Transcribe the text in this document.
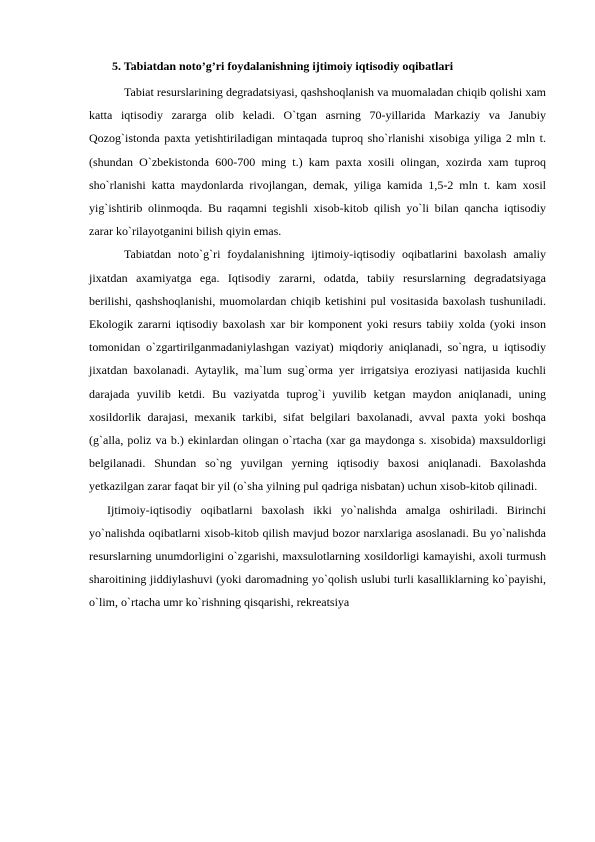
5. Tabiatdan noto’g’ri foydalanishning ijtimoiy iqtisodiy oqibatlari

Tabiat resurslarining degradatsiyasi, qashshoqlanish va muomaladan chiqib qolishi xam katta iqtisodiy zararga olib keladi. O`tgan asrning 70-yillarida Markaziy va Janubiy Qozog`istonda paxta yetishtiriladigan mintaqada tuproq sho`rlanishi xisobiga yiliga 2 mln t. (shundan O`zbekistonda 600-700 ming t.) kam paxta xosili olingan, xozirda xam tuproq sho`rlanishi katta maydonlarda rivojlangan, demak, yiliga kamida 1,5-2 mln t. kam xosil yig`ishtirib olinmoqda. Bu raqamni tegishli xisob-kitob qilish yo`li bilan qancha iqtisodiy zarar ko`rilayotganini bilish qiyin emas.

Tabiatdan noto`g`ri foydalanishning ijtimoiy-iqtisodiy oqibatlarini baxolash amaliy jixatdan axamiyatga ega. Iqtisodiy zararni, odatda, tabiiy resurslarning degradatsiyaga berilishi, qashshoqlanishi, muomolardan chiqib ketishini pul vositasida baxolash tushuniladi. Ekologik zararni iqtisodiy baxolash xar bir komponent yoki resurs tabiiy xolda (yoki inson tomonidan o`zgartirilganmadaniylashgan vaziyat) miqdoriy aniqlanadi, so`ngra, u iqtisodiy jixatdan baxolanadi. Aytaylik, ma`lum sug`orma yer irrigatsiya eroziyasi natijasida kuchli darajada yuvilib ketdi. Bu vaziyatda tuprog`i yuvilib ketgan maydon aniqlanadi, uning xosildorlik darajasi, mexanik tarkibi, sifat belgilari baxolanadi, avval paxta yoki boshqa (g`alla, poliz va b.) ekinlardan olingan o`rtacha (xar ga maydonga s. xisobida) maxsuldorligi belgilanadi. Shundan so`ng yuvilgan yerning iqtisodiy baxosi aniqlanadi. Baxolashda yetkazilgan zarar faqat bir yil (o`sha yilning pul qadriga nisbatan) uchun xisob-kitob qilinadi.

Ijtimoiy-iqtisodiy oqibatlarni baxolash ikki yo`nalishda amalga oshiriladi. Birinchi yo`nalishda oqibatlarni xisob-kitob qilish mavjud bozor narxlariga asoslanadi. Bu yo`nalishda resurslarning unumdorligini o`zgarishi, maxsulotlarning xosildorligi kamayishi, axoli turmush sharoitining jiddiylashuvi (yoki daromadning yo`qolish uslubi turli kasalliklarning ko`payishi, o`lim, o`rtacha umr ko`rishning qisqarishi, rekreatsiya
